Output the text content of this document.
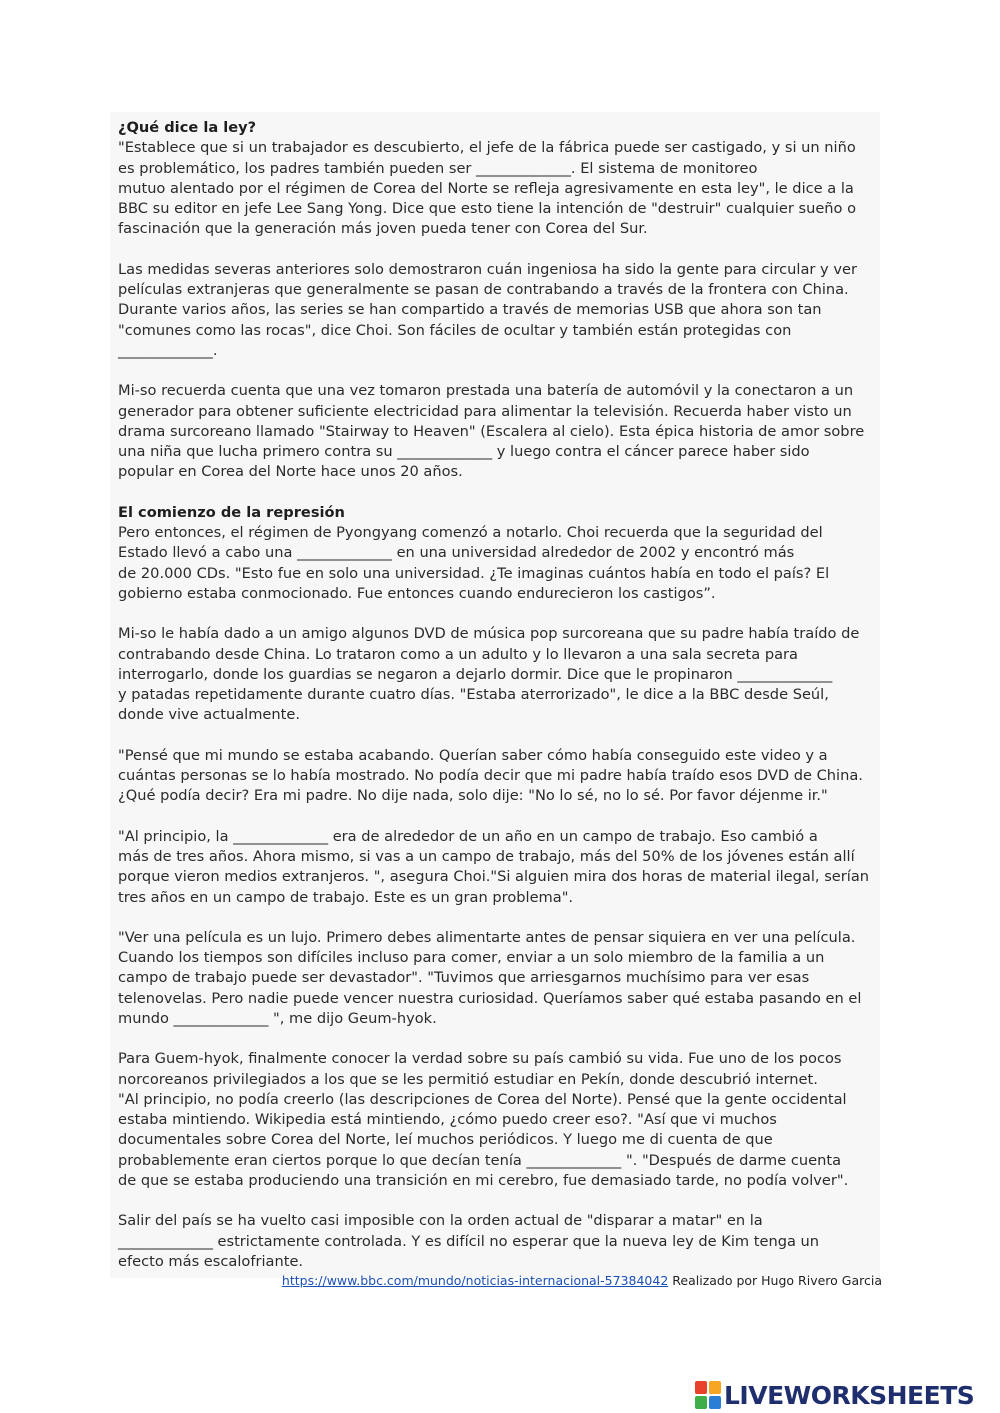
¿Qué dice la ley?

"Establece que si un trabajador es descubierto, el jefe de la fábrica puede ser castigado, y si un niño
es problemático, los padres también pueden ser _____________. El sistema de monitoreo
mutuo alentado por el régimen de Corea del Norte se refleja agresivamente en esta ley", le dice a la
BBC su editor en jefe Lee Sang Yong. Dice que esto tiene la intención de "destruir" cualquier sueño o
fascinación que la generación más joven pueda tener con Corea del Sur.

Las medidas severas anteriores solo demostraron cuán ingeniosa ha sido la gente para circular y ver
películas extranjeras que generalmente se pasan de contrabando a través de la frontera con China.
Durante varios años, las series se han compartido a través de memorias USB que ahora son tan
"comunes como las rocas", dice Choi. Son fáciles de ocultar y también están protegidas con
_____________.

Mi-so recuerda cuenta que una vez tomaron prestada una batería de automóvil y la conectaron a un
generador para obtener suficiente electricidad para alimentar la televisión. Recuerda haber visto un
drama surcoreano llamado "Stairway to Heaven" (Escalera al cielo). Esta épica historia de amor sobre
una niña que lucha primero contra su _____________ y luego contra el cáncer parece haber sido
popular en Corea del Norte hace unos 20 años.

El comienzo de la represión

Pero entonces, el régimen de Pyongyang comenzó a notarlo. Choi recuerda que la seguridad del
Estado llevó a cabo una _____________ en una universidad alrededor de 2002 y encontró más
de 20.000 CDs. "Esto fue en solo una universidad. ¿Te imaginas cuántos había en todo el país? El
gobierno estaba conmocionado. Fue entonces cuando endurecieron los castigos”.

Mi-so le había dado a un amigo algunos DVD de música pop surcoreana que su padre había traído de
contrabando desde China. Lo trataron como a un adulto y lo llevaron a una sala secreta para
interrogarlo, donde los guardias se negaron a dejarlo dormir. Dice que le propinaron _____________
y patadas repetidamente durante cuatro días. "Estaba aterrorizado", le dice a la BBC desde Seúl,
donde vive actualmente.

"Pensé que mi mundo se estaba acabando. Querían saber cómo había conseguido este video y a
cuántas personas se lo había mostrado. No podía decir que mi padre había traído esos DVD de China.
¿Qué podía decir? Era mi padre. No dije nada, solo dije: "No lo sé, no lo sé. Por favor déjenme ir."

"Al principio, la _____________ era de alrededor de un año en un campo de trabajo. Eso cambió a
más de tres años. Ahora mismo, si vas a un campo de trabajo, más del 50% de los jóvenes están allí
porque vieron medios extranjeros. ", asegura Choi."Si alguien mira dos horas de material ilegal, serían
tres años en un campo de trabajo. Este es un gran problema".

"Ver una película es un lujo. Primero debes alimentarte antes de pensar siquiera en ver una película.
Cuando los tiempos son difíciles incluso para comer, enviar a un solo miembro de la familia a un
campo de trabajo puede ser devastador". "Tuvimos que arriesgarnos muchísimo para ver esas
telenovelas. Pero nadie puede vencer nuestra curiosidad. Queríamos saber qué estaba pasando en el
mundo _____________ ", me dijo Geum-hyok.

Para Guem-hyok, finalmente conocer la verdad sobre su país cambió su vida. Fue uno de los pocos
norcoreanos privilegiados a los que se les permitió estudiar en Pekín, donde descubrió internet.
"Al principio, no podía creerlo (las descripciones de Corea del Norte). Pensé que la gente occidental
estaba mintiendo. Wikipedia está mintiendo, ¿cómo puedo creer eso?. "Así que vi muchos
documentales sobre Corea del Norte, leí muchos periódicos. Y luego me di cuenta de que
probablemente eran ciertos porque lo que decían tenía _____________ ". "Después de darme cuenta
de que se estaba produciendo una transición en mi cerebro, fue demasiado tarde, no podía volver".

Salir del país se ha vuelto casi imposible con la orden actual de "disparar a matar" en la
_____________ estrictamente controlada. Y es difícil no esperar que la nueva ley de Kim tenga un
efecto más escalofriante.

https://www.bbc.com/mundo/noticias-internacional-57384042 Realizado por Hugo Rivero Garcia
LIVEWORKSHEETS
